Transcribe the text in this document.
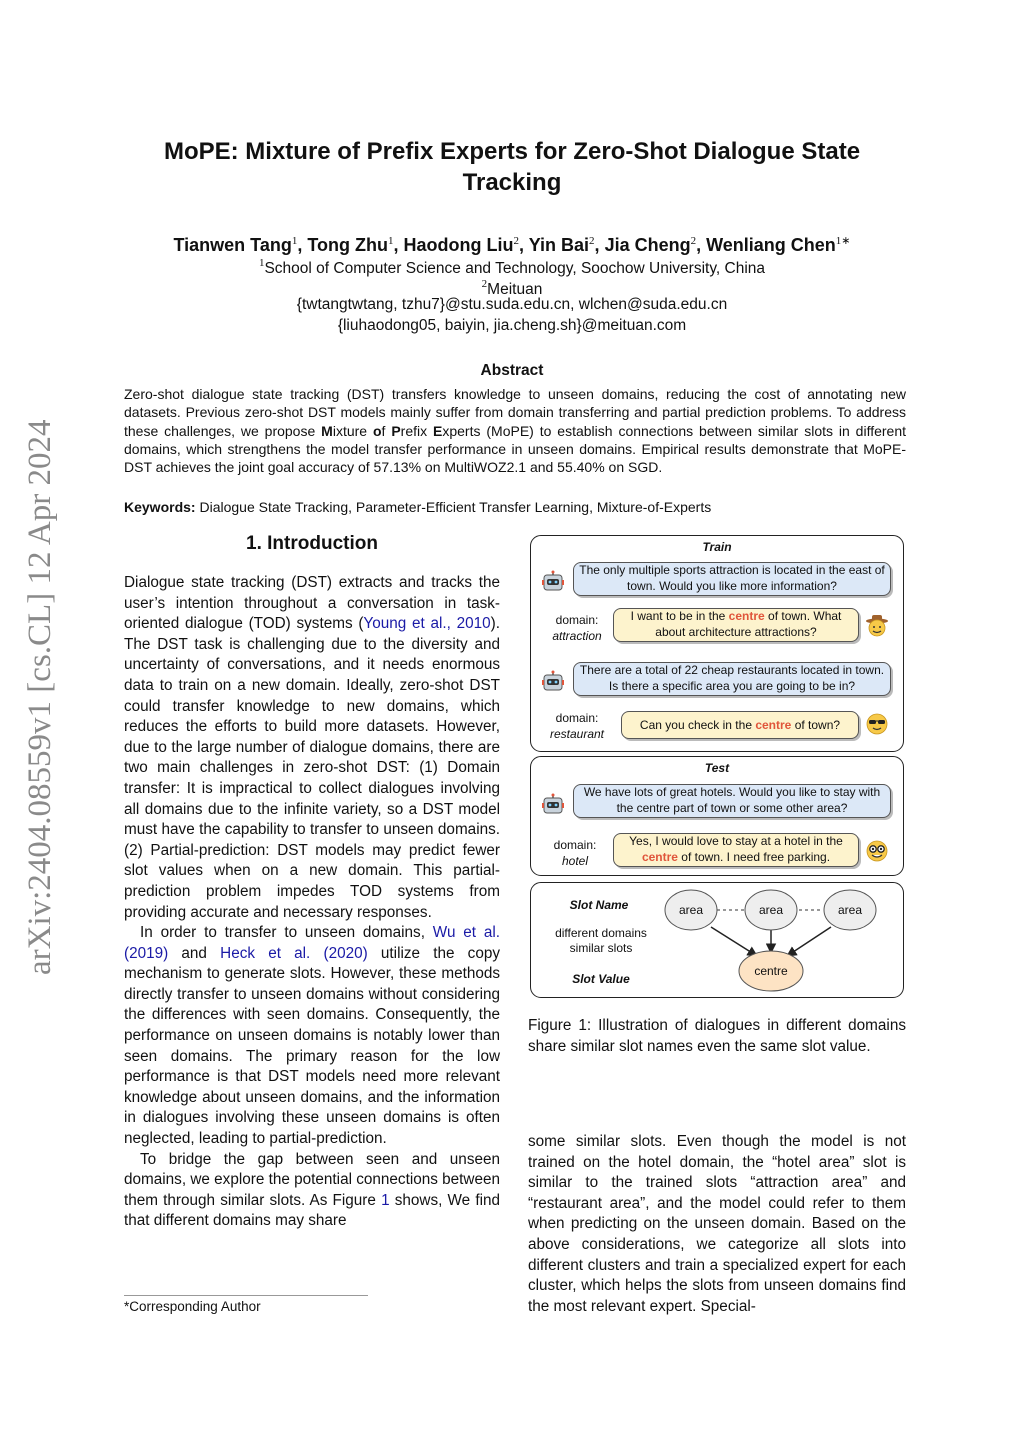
arXiv:2404.08559v1 [cs.CL] 12 Apr 2024
MoPE: Mixture of Prefix Experts for Zero-Shot Dialogue State
Tracking
Tianwen Tang$^1$, Tong Zhu$^1$, Haodong Liu$^2$, Yin Bai$^2$, Jia Cheng$^2$, Wenliang Chen$^{1∗}$
$^1$School of Computer Science and Technology, Soochow University, China
$^2$Meituan
{twtangtwtang, tzhu7}@stu.suda.edu.cn, wlchen@suda.edu.cn
{liuhaodong05, baiyin, jia.cheng.sh}@meituan.com
Abstract
Zero-shot dialogue state tracking (DST) transfers knowledge to unseen domains, reducing the cost of annotating new datasets. Previous zero-shot DST models mainly suffer from domain transferring and partial prediction problems. To address these challenges, we propose Mixture of Prefix Experts (MoPE) to establish connections between similar slots in different domains, which strengthens the model transfer performance in unseen domains. Empirical results demonstrate that MoPE-DST achieves the joint goal accuracy of 57.13% on MultiWOZ2.1 and 55.40% on SGD.
Keywords: Dialogue State Tracking, Parameter-Efficient Transfer Learning, Mixture-of-Experts
1. Introduction

Dialogue state tracking (DST) extracts and tracks the user’s intention throughout a conversation in task-oriented dialogue (TOD) systems (Young et al., 2010). The DST task is challenging due to the diversity and uncertainty of conversations, and it needs enormous data to train on a new domain. Ideally, zero-shot DST could transfer knowledge to new domains, which reduces the efforts to build more datasets. However, due to the large number of dialogue domains, there are two main challenges in zero-shot DST: (1) Domain transfer: It is impractical to collect dialogues involving all domains due to the infinite variety, so a DST model must have the capability to transfer to unseen domains. (2) Partial-prediction: DST models may predict fewer slot values when on a new domain. This partial-prediction problem impedes TOD systems from providing accurate and necessary responses.

In order to transfer to unseen domains, Wu et al. (2019) and Heck et al. (2020) utilize the copy mechanism to generate slots. However, these methods directly transfer to unseen domains without considering the differences with seen domains. Consequently, the performance on unseen domains is notably lower than seen domains. The primary reason for the low performance is that DST models need more relevant knowledge about unseen domains, and the information in dialogues involving these unseen domains is often neglected, leading to partial-prediction.

To bridge the gap between seen and unseen domains, we explore the potential connections between them through similar slots. As Figure 1 shows, We find that different domains may share

*Corresponding Author
Train
The only multiple sports attraction is located in the east of town. Would you like more information?
domain:
attraction
I want to be in the centre of town. What about architecture attractions?
There are a total of 22 cheap restaurants located in town. Is there a specific area you are going to be in?
domain:
restaurant
Can you check in the centre of town?
Test
We have lots of great hotels. Would you like to stay with the centre part of town or some other area?
domain:
hotel
Yes, I would love to stay at a hotel in the centre of town. I need free parking.
Slot Name
different domains similar slots
Slot Value
area	area	area
centre
Figure 1: Illustration of dialogues in different domains share similar slot names even the same slot value.

some similar slots. Even though the model is not trained on the hotel domain, the “hotel area” slot is similar to the trained slots “attraction area” and “restaurant area”, and the model could refer to them when predicting on the unseen domain. Based on the above considerations, we categorize all slots into different clusters and train a specialized expert for each cluster, which helps the slots from unseen domains find the most relevant expert. Special-
